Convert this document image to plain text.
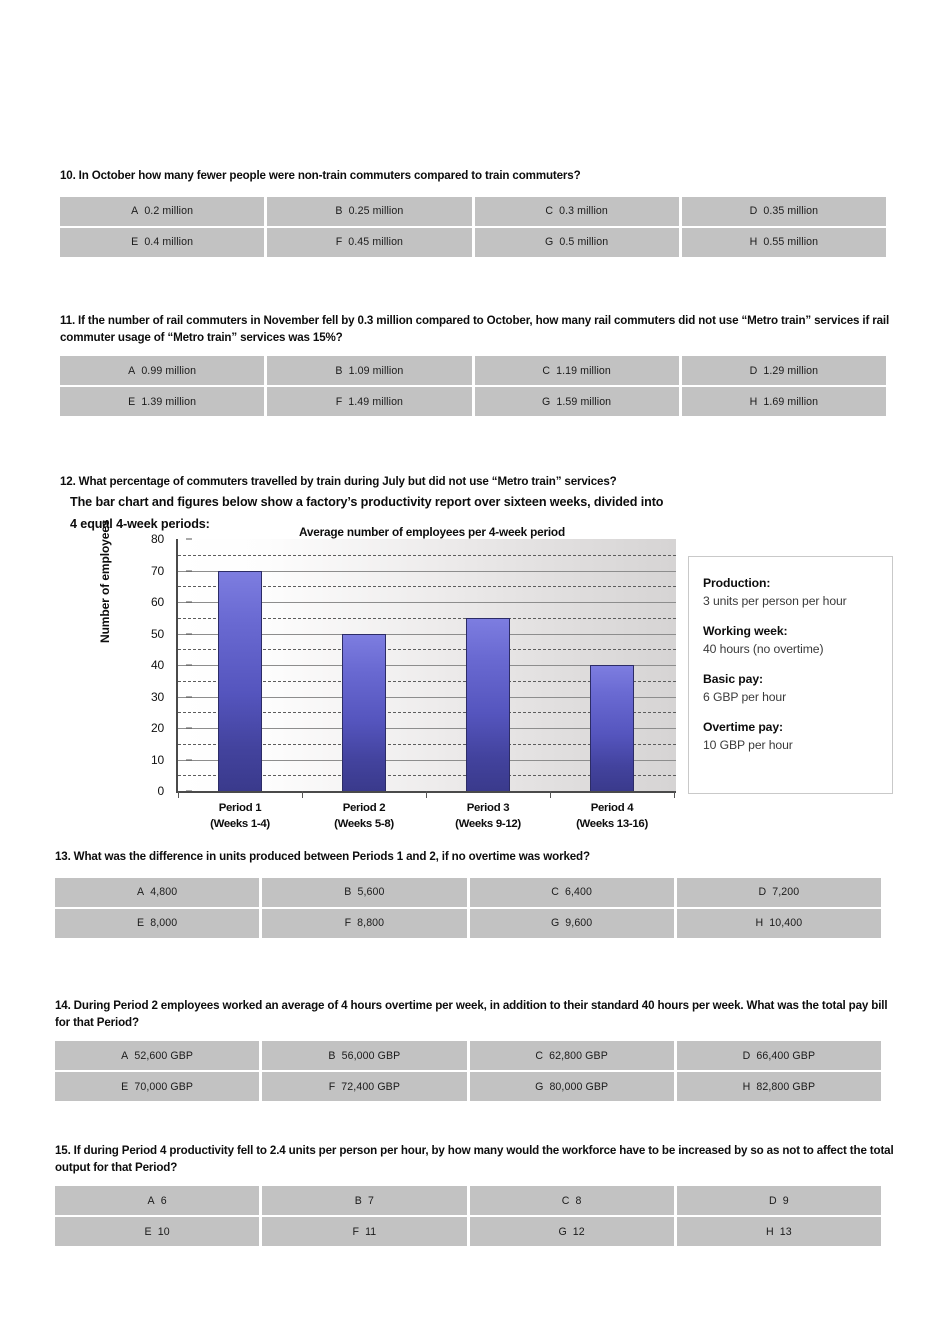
10. In October how many fewer people were non-train commuters compared to train commuters?
A 0.2 million	B 0.25 million	C 0.3 million	D 0.35 million
E 0.4 million	F 0.45 million	G 0.5 million	H 0.55 million
11. If the number of rail commuters in November fell by 0.3 million compared to October, how many rail commuters did not use “Metro train” services if rail commuter usage of “Metro train” services was 15%?
A 0.99 million	B 1.09 million	C 1.19 million	D 1.29 million
E 1.39 million	F 1.49 million	G 1.59 million	H 1.69 million
12. What percentage of commuters travelled by train during July but did not use “Metro train” services?
The bar chart and figures below show a factory’s productivity report over sixteen weeks, divided into
4 equal 4-week periods:
Average number of employees per 4-week period
Number of employees	80
70
60
50
40
30
20
10
0
Period 1
(Weeks 1-4)
Period 2
(Weeks 5-8)
Period 3
(Weeks 9-12)
Period 4
(Weeks 13-16)
Production:
3 units per person per hour
Working week:
40 hours (no overtime)
Basic pay:
6 GBP per hour
Overtime pay:
10 GBP per hour
13. What was the difference in units produced between Periods 1 and 2, if no overtime was worked?
A 4,800	B 5,600	C 6,400	D 7,200
E 8,000	F 8,800	G 9,600	H 10,400
14. During Period 2 employees worked an average of 4 hours overtime per week, in addition to their standard 40 hours per week. What was the total pay bill for that Period?
A 52,600 GBP	B 56,000 GBP	C 62,800 GBP	D 66,400 GBP
E 70,000 GBP	F 72,400 GBP	G 80,000 GBP	H 82,800 GBP
15. If during Period 4 productivity fell to 2.4 units per person per hour, by how many would the workforce have to be increased by so as not to affect the total output for that Period?
A 6	B 7	C 8	D 9
E 10	F 11	G 12	H 13
